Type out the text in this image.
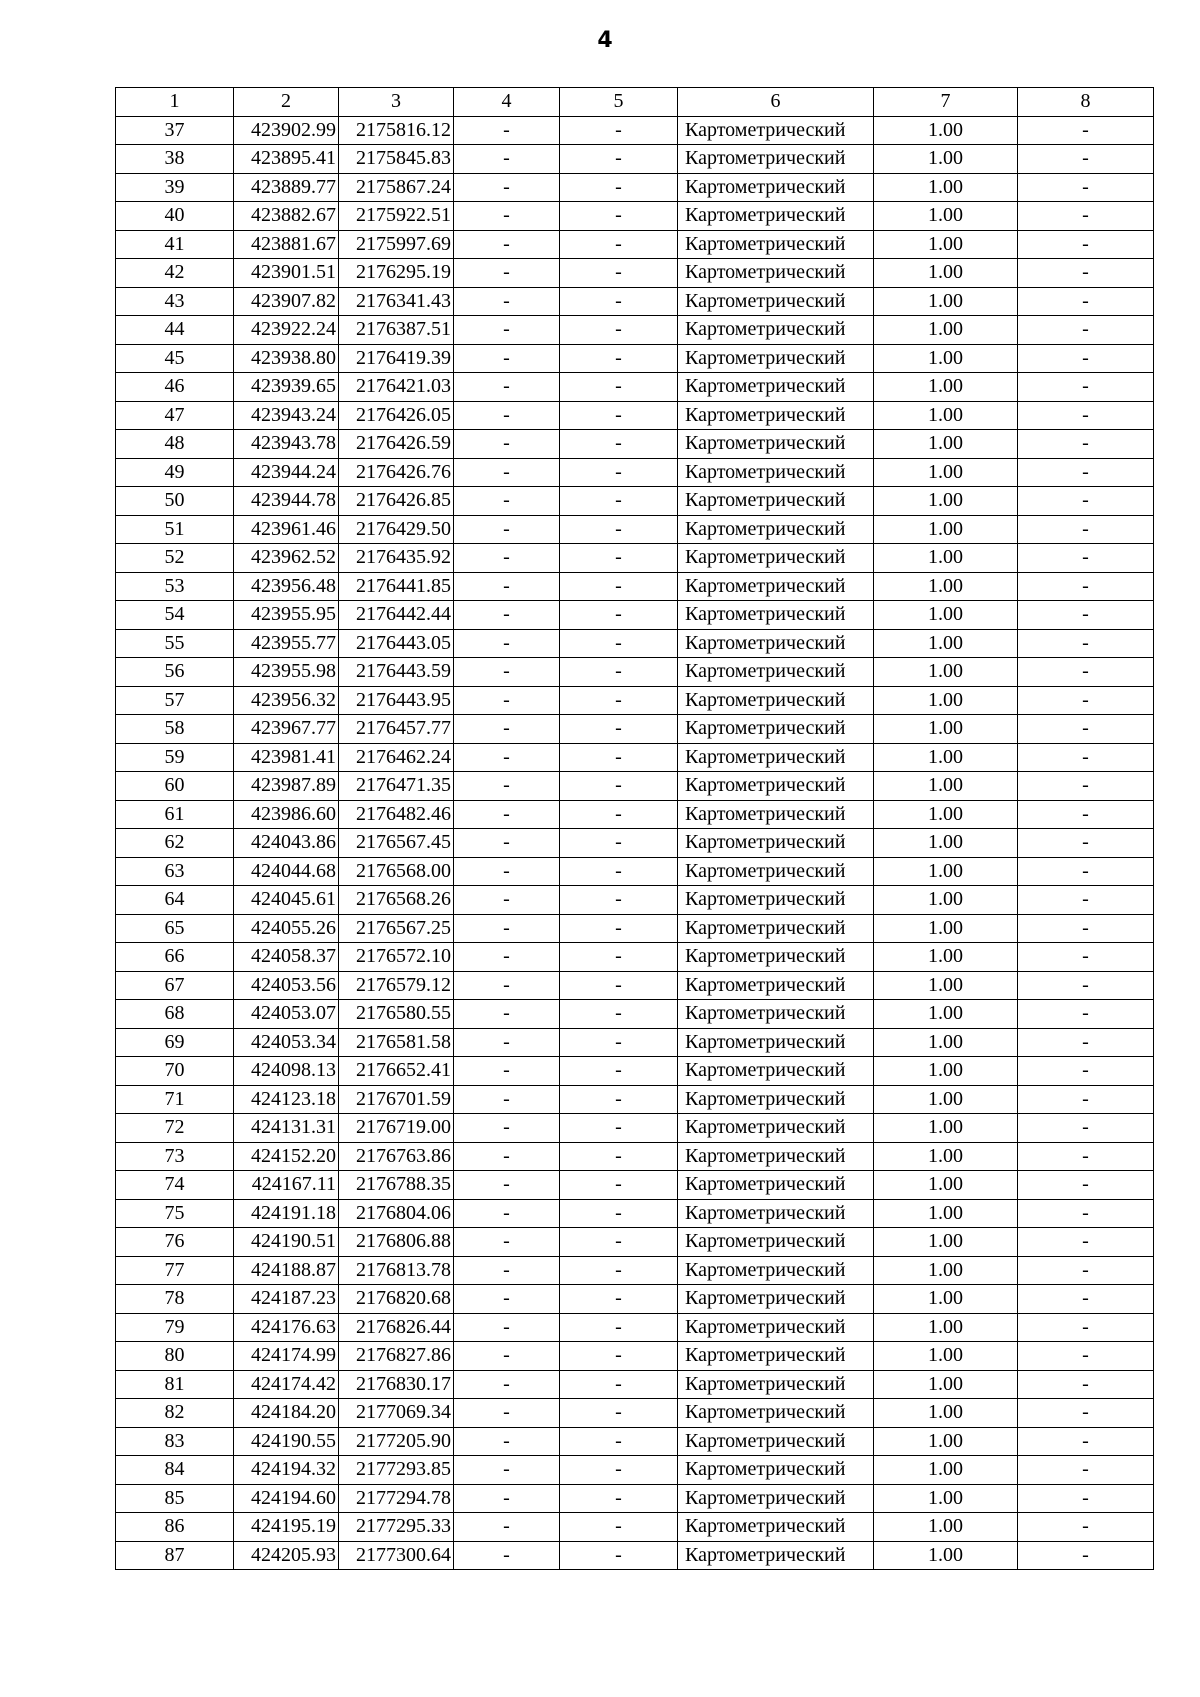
4
1	2	3	4	5	6	7	8
37	423902.99	2175816.12	-	-	Картометрический	1.00	-
38	423895.41	2175845.83	-	-	Картометрический	1.00	-
39	423889.77	2175867.24	-	-	Картометрический	1.00	-
40	423882.67	2175922.51	-	-	Картометрический	1.00	-
41	423881.67	2175997.69	-	-	Картометрический	1.00	-
42	423901.51	2176295.19	-	-	Картометрический	1.00	-
43	423907.82	2176341.43	-	-	Картометрический	1.00	-
44	423922.24	2176387.51	-	-	Картометрический	1.00	-
45	423938.80	2176419.39	-	-	Картометрический	1.00	-
46	423939.65	2176421.03	-	-	Картометрический	1.00	-
47	423943.24	2176426.05	-	-	Картометрический	1.00	-
48	423943.78	2176426.59	-	-	Картометрический	1.00	-
49	423944.24	2176426.76	-	-	Картометрический	1.00	-
50	423944.78	2176426.85	-	-	Картометрический	1.00	-
51	423961.46	2176429.50	-	-	Картометрический	1.00	-
52	423962.52	2176435.92	-	-	Картометрический	1.00	-
53	423956.48	2176441.85	-	-	Картометрический	1.00	-
54	423955.95	2176442.44	-	-	Картометрический	1.00	-
55	423955.77	2176443.05	-	-	Картометрический	1.00	-
56	423955.98	2176443.59	-	-	Картометрический	1.00	-
57	423956.32	2176443.95	-	-	Картометрический	1.00	-
58	423967.77	2176457.77	-	-	Картометрический	1.00	-
59	423981.41	2176462.24	-	-	Картометрический	1.00	-
60	423987.89	2176471.35	-	-	Картометрический	1.00	-
61	423986.60	2176482.46	-	-	Картометрический	1.00	-
62	424043.86	2176567.45	-	-	Картометрический	1.00	-
63	424044.68	2176568.00	-	-	Картометрический	1.00	-
64	424045.61	2176568.26	-	-	Картометрический	1.00	-
65	424055.26	2176567.25	-	-	Картометрический	1.00	-
66	424058.37	2176572.10	-	-	Картометрический	1.00	-
67	424053.56	2176579.12	-	-	Картометрический	1.00	-
68	424053.07	2176580.55	-	-	Картометрический	1.00	-
69	424053.34	2176581.58	-	-	Картометрический	1.00	-
70	424098.13	2176652.41	-	-	Картометрический	1.00	-
71	424123.18	2176701.59	-	-	Картометрический	1.00	-
72	424131.31	2176719.00	-	-	Картометрический	1.00	-
73	424152.20	2176763.86	-	-	Картометрический	1.00	-
74	424167.11	2176788.35	-	-	Картометрический	1.00	-
75	424191.18	2176804.06	-	-	Картометрический	1.00	-
76	424190.51	2176806.88	-	-	Картометрический	1.00	-
77	424188.87	2176813.78	-	-	Картометрический	1.00	-
78	424187.23	2176820.68	-	-	Картометрический	1.00	-
79	424176.63	2176826.44	-	-	Картометрический	1.00	-
80	424174.99	2176827.86	-	-	Картометрический	1.00	-
81	424174.42	2176830.17	-	-	Картометрический	1.00	-
82	424184.20	2177069.34	-	-	Картометрический	1.00	-
83	424190.55	2177205.90	-	-	Картометрический	1.00	-
84	424194.32	2177293.85	-	-	Картометрический	1.00	-
85	424194.60	2177294.78	-	-	Картометрический	1.00	-
86	424195.19	2177295.33	-	-	Картометрический	1.00	-
87	424205.93	2177300.64	-	-	Картометрический	1.00	-
